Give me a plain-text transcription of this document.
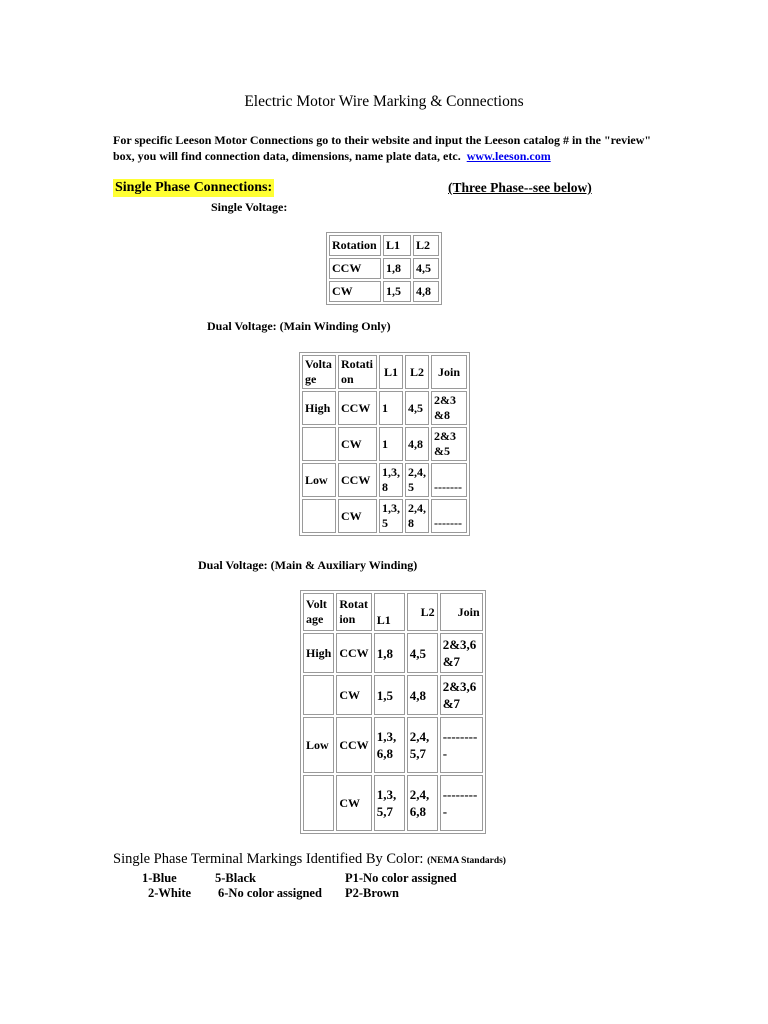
Electric Motor Wire Marking & Connections
For specific Leeson Motor Connections go to their website and input the Leeson catalog # in the "review" box, you will find connection data, dimensions, name plate data, etc. www.leeson.com
Single Phase Connections:	(Three Phase--see below)
Single Voltage:
Rotation	L1	L2
CCW	1,8	4,5
CW	1,5	4,8
Dual Voltage: (Main Winding Only)
Voltage	Rotation	L1	L2	Join
High	CCW	1	4,5	2&3&8
	CW	1	4,8	2&3&5
Low	CCW	1,3,8	2,4,5	-------
	CW	1,3,5	2,4,8	-------
Dual Voltage: (Main & Auxiliary Winding)
Voltage	Rotation	L1	L2	Join
High	CCW	1,8	4,5	2&3,6&7
	CW	1,5	4,8	2&3,6&7
Low	CCW	1,3,6,8	2,4,5,7	---------
	CW	1,3,5,7	2,4,6,8	---------
Single Phase Terminal Markings Identified By Color: (NEMA Standards)
1-Blue	5-Black	P1-No color assigned
2-White 6-No color assigned P2-Brown
